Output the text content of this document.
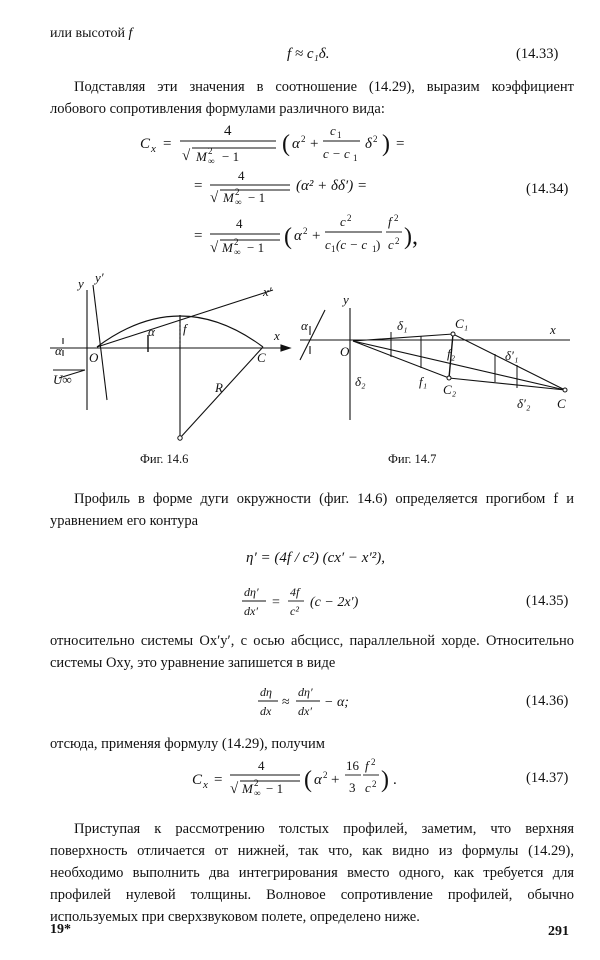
или высотой f
f ≈ c₁δ.	(14.33)
Подставляя эти значения в соотношение (14.29), выразим коэффициент лобового сопротивления формулами различного вида:
C x =
4
√ M 2
∞ − 1 ( α 2 +
c 1
c − c 1
δ 2 ) =
4
√ M 2
∞ − 1
=	(α² + δδ′) =
=
4
√ M 2
∞ − 1 ( α 2 +
c 2
c 1 (c − c 1 )
f 2
c 2 ),
(14.34)
y y′
x′
x
α
α
f
O	C
R
U∞
Фиг. 14.6
y
x
α
O
δ₁	C₁
f₂
C₂
f₁
δ₂
δ′₁
δ′₂ C
Фиг. 14.7
Профиль в форме дуги окружности (фиг. 14.6) определяется прогибом f и уравнением его контура
η′ = (4f / c²) (cx′ − x′²),
dη′
dx′
=
4f
c²
(c − 2x′)	(14.35)
относительно системы Ox′y′, с осью абсцисс, параллельной хорде. Относительно системы Oxy, это уравнение запишется в виде
dη
dx
≈
dη′
dx′
− α;	(14.36)
отсюда, применяя формулу (14.29), получим
C x =
4
√ M 2
∞ − 1 ( α 2 +
16
3
f 2
c 2 ) .	(14.37)
Приступая к рассмотрению толстых профилей, заметим, что верхняя поверхность отличается от нижней, так что, как видно из формулы (14.29), необходимо выполнить два интегрирования вместо одного, как требуется для профилей нулевой толщины. Волновое сопротивление профилей, обычно используемых при сверхзвуковом полете, определено ниже.
19*	291
